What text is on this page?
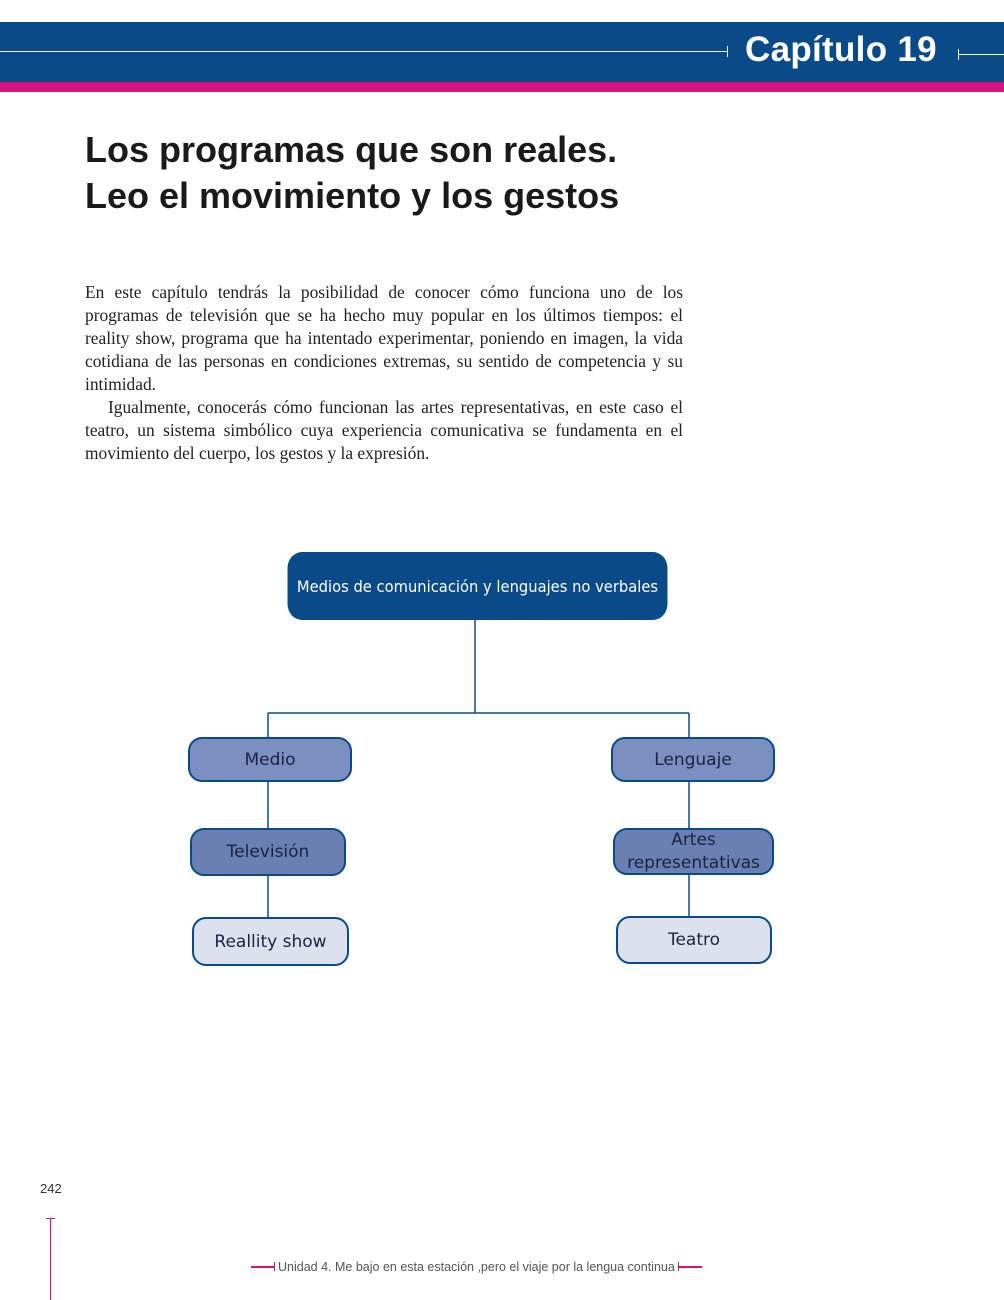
Capítulo 19
Los programas que son reales.
Leo el movimiento y los gestos

En este capítulo tendrás la posibilidad de conocer cómo funciona uno de los programas de televisión que se ha hecho muy popular en los últimos tiempos: el reality show, programa que ha intentado experimentar, poniendo en imagen, la vida cotidiana de las personas en condiciones extremas, su sentido de competencia y su intimidad.

Igualmente, conocerás cómo funcionan las artes representativas, en este caso el teatro, un sistema simbólico cuya experiencia comunicativa se fundamenta en el movimiento del cuerpo, los gestos y la expresión.

Medios de comunicación y lenguajes no verbales
Medio	Lenguaje
Televisión
Artes
representativas
Reallity show	Teatro
242
Unidad 4. Me bajo en esta estación ,pero el viaje por la lengua continua
